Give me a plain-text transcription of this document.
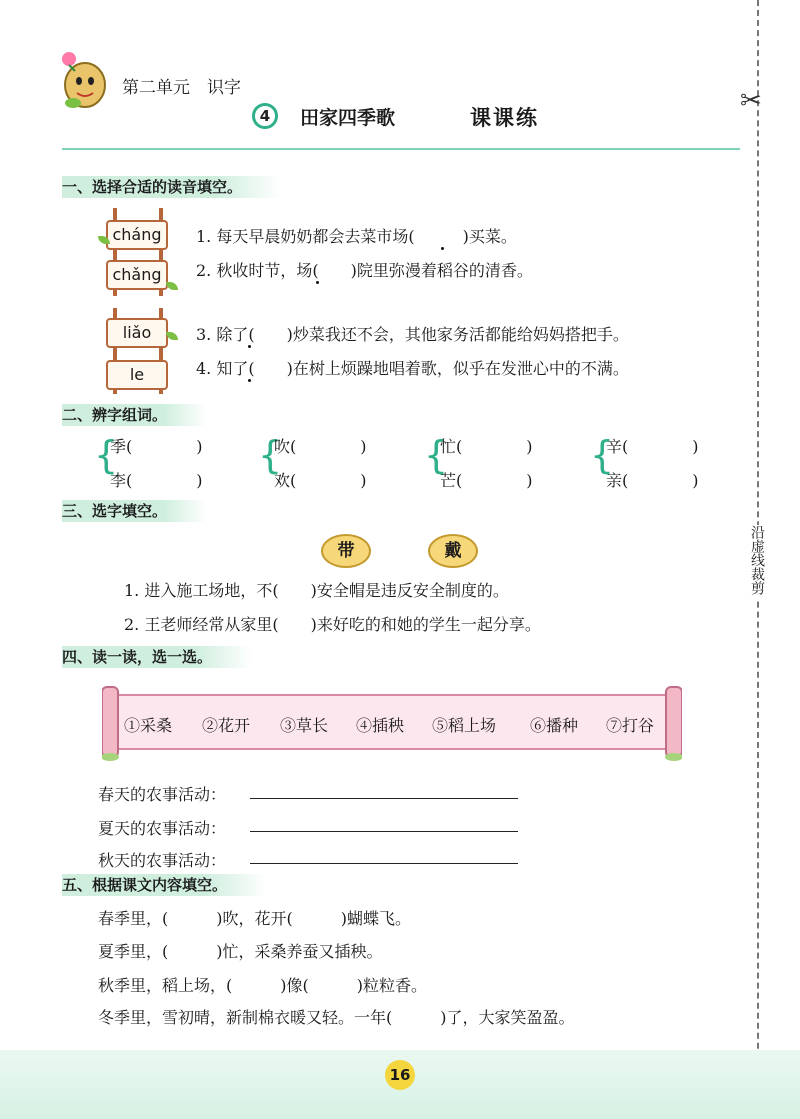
第二单元　识字
4	田家四季歌	课课练
✂
沿虚线裁剪
一、选择合适的读音填空。
cháng
chǎng
1. 每天早晨奶奶都会去菜市场(　　　)买菜。
2. 秋收时节，场(　　)院里弥漫着稻谷的清香。
liǎo
le
3. 除了(　　)炒菜我还不会，其他家务活都能给妈妈搭把手。
4. 知了(　　)在树上烦躁地唱着歌，似乎在发泄心中的不满。
二、辨字组词。
{
季(　　　　)
李(　　　　)
{
吹(　　　　)
欢(　　　　)
{
忙(　　　　)
芒(　　　　)
{
辛(　　　　)
亲(　　　　)
三、选字填空。
带	戴
1. 进入施工场地，不(　　)安全帽是违反安全制度的。
2. 王老师经常从家里(　　)来好吃的和她的学生一起分享。
四、读一读，选一选。
①采桑 ②花开 ③草长 ④插秧 ⑤稻上场 ⑥播种 ⑦打谷
春天的农事活动：
夏天的农事活动：
秋天的农事活动：
五、根据课文内容填空。
春季里，(　　　)吹，花开(　　　)蝴蝶飞。
夏季里，(　　　)忙，采桑养蚕又插秧。
秋季里，稻上场，(　　　)像(　　　)粒粒香。
冬季里，雪初晴，新制棉衣暖又轻。一年(　　　)了，大家笑盈盈。
16
